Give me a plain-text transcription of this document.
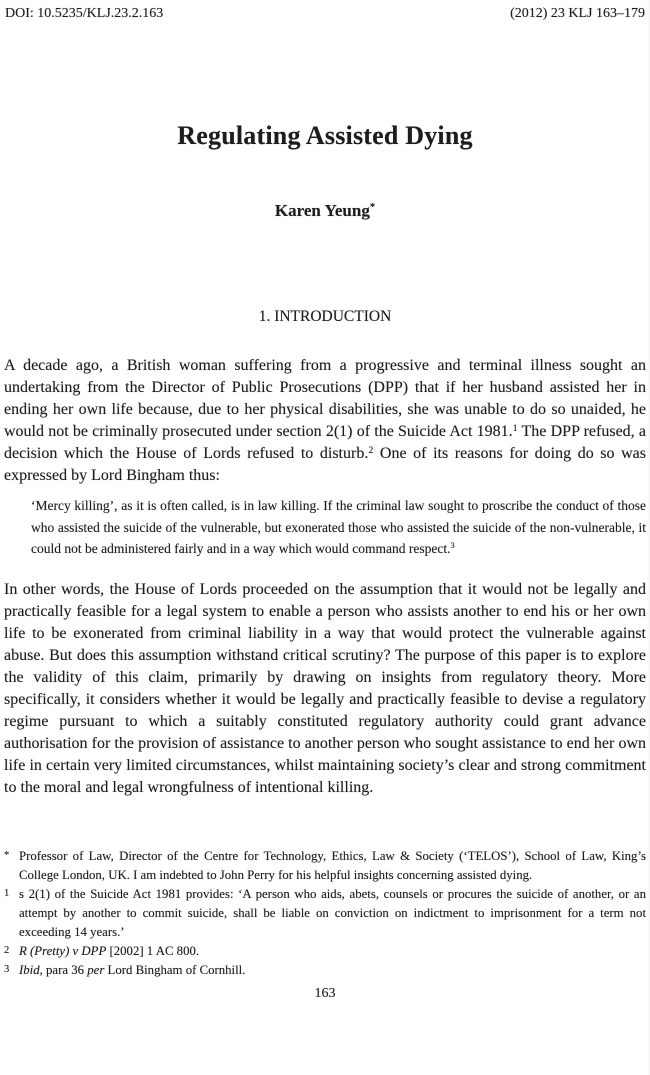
DOI: 10.5235/KLJ.23.2.163	(2012) 23 KLJ 163–179
Regulating Assisted Dying
Karen Yeung*
1. INTRODUCTION

A decade ago, a British woman suffering from a progressive and terminal illness sought an undertaking from the Director of Public Prosecutions (DPP) that if her husband assisted her in ending her own life because, due to her physical disabilities, she was unable to do so unaided, he would not be criminally prosecuted under section 2(1) of the Suicide Act 1981.$^1$ The DPP refused, a decision which the House of Lords refused to disturb.$^2$ One of its reasons for doing do so was expressed by Lord Bingham thus:

‘Mercy killing’, as it is often called, is in law killing. If the criminal law sought to proscribe the conduct of those who assisted the suicide of the vulnerable, but exonerated those who assisted the suicide of the non-vulnerable, it could not be administered fairly and in a way which would command respect.$^3$

In other words, the House of Lords proceeded on the assumption that it would not be legally and practically feasible for a legal system to enable a person who assists another to end his or her own life to be exonerated from criminal liability in a way that would protect the vulnerable against abuse. But does this assumption withstand critical scrutiny? The purpose of this paper is to explore the validity of this claim, primarily by drawing on insights from regulatory theory. More specifically, it considers whether it would be legally and practically feasible to devise a regulatory regime pursuant to which a suitably constituted regulatory authority could grant advance authorisation for the provision of assistance to another person who sought assistance to end her own life in certain very limited circumstances, whilst maintaining society’s clear and strong commitment to the moral and legal wrongfulness of intentional killing.

* Professor of Law, Director of the Centre for Technology, Ethics, Law & Society (‘TELOS’), School of Law, King’s College London, UK. I am indebted to John Perry for his helpful insights concerning assisted dying.
1 s 2(1) of the Suicide Act 1981 provides: ‘A person who aids, abets, counsels or procures the suicide of another, or an attempt by another to commit suicide, shall be liable on conviction on indictment to imprisonment for a term not exceeding 14 years.’
2 R (Pretty) v DPP [2002] 1 AC 800.
3 Ibid, para 36 per Lord Bingham of Cornhill.
163
